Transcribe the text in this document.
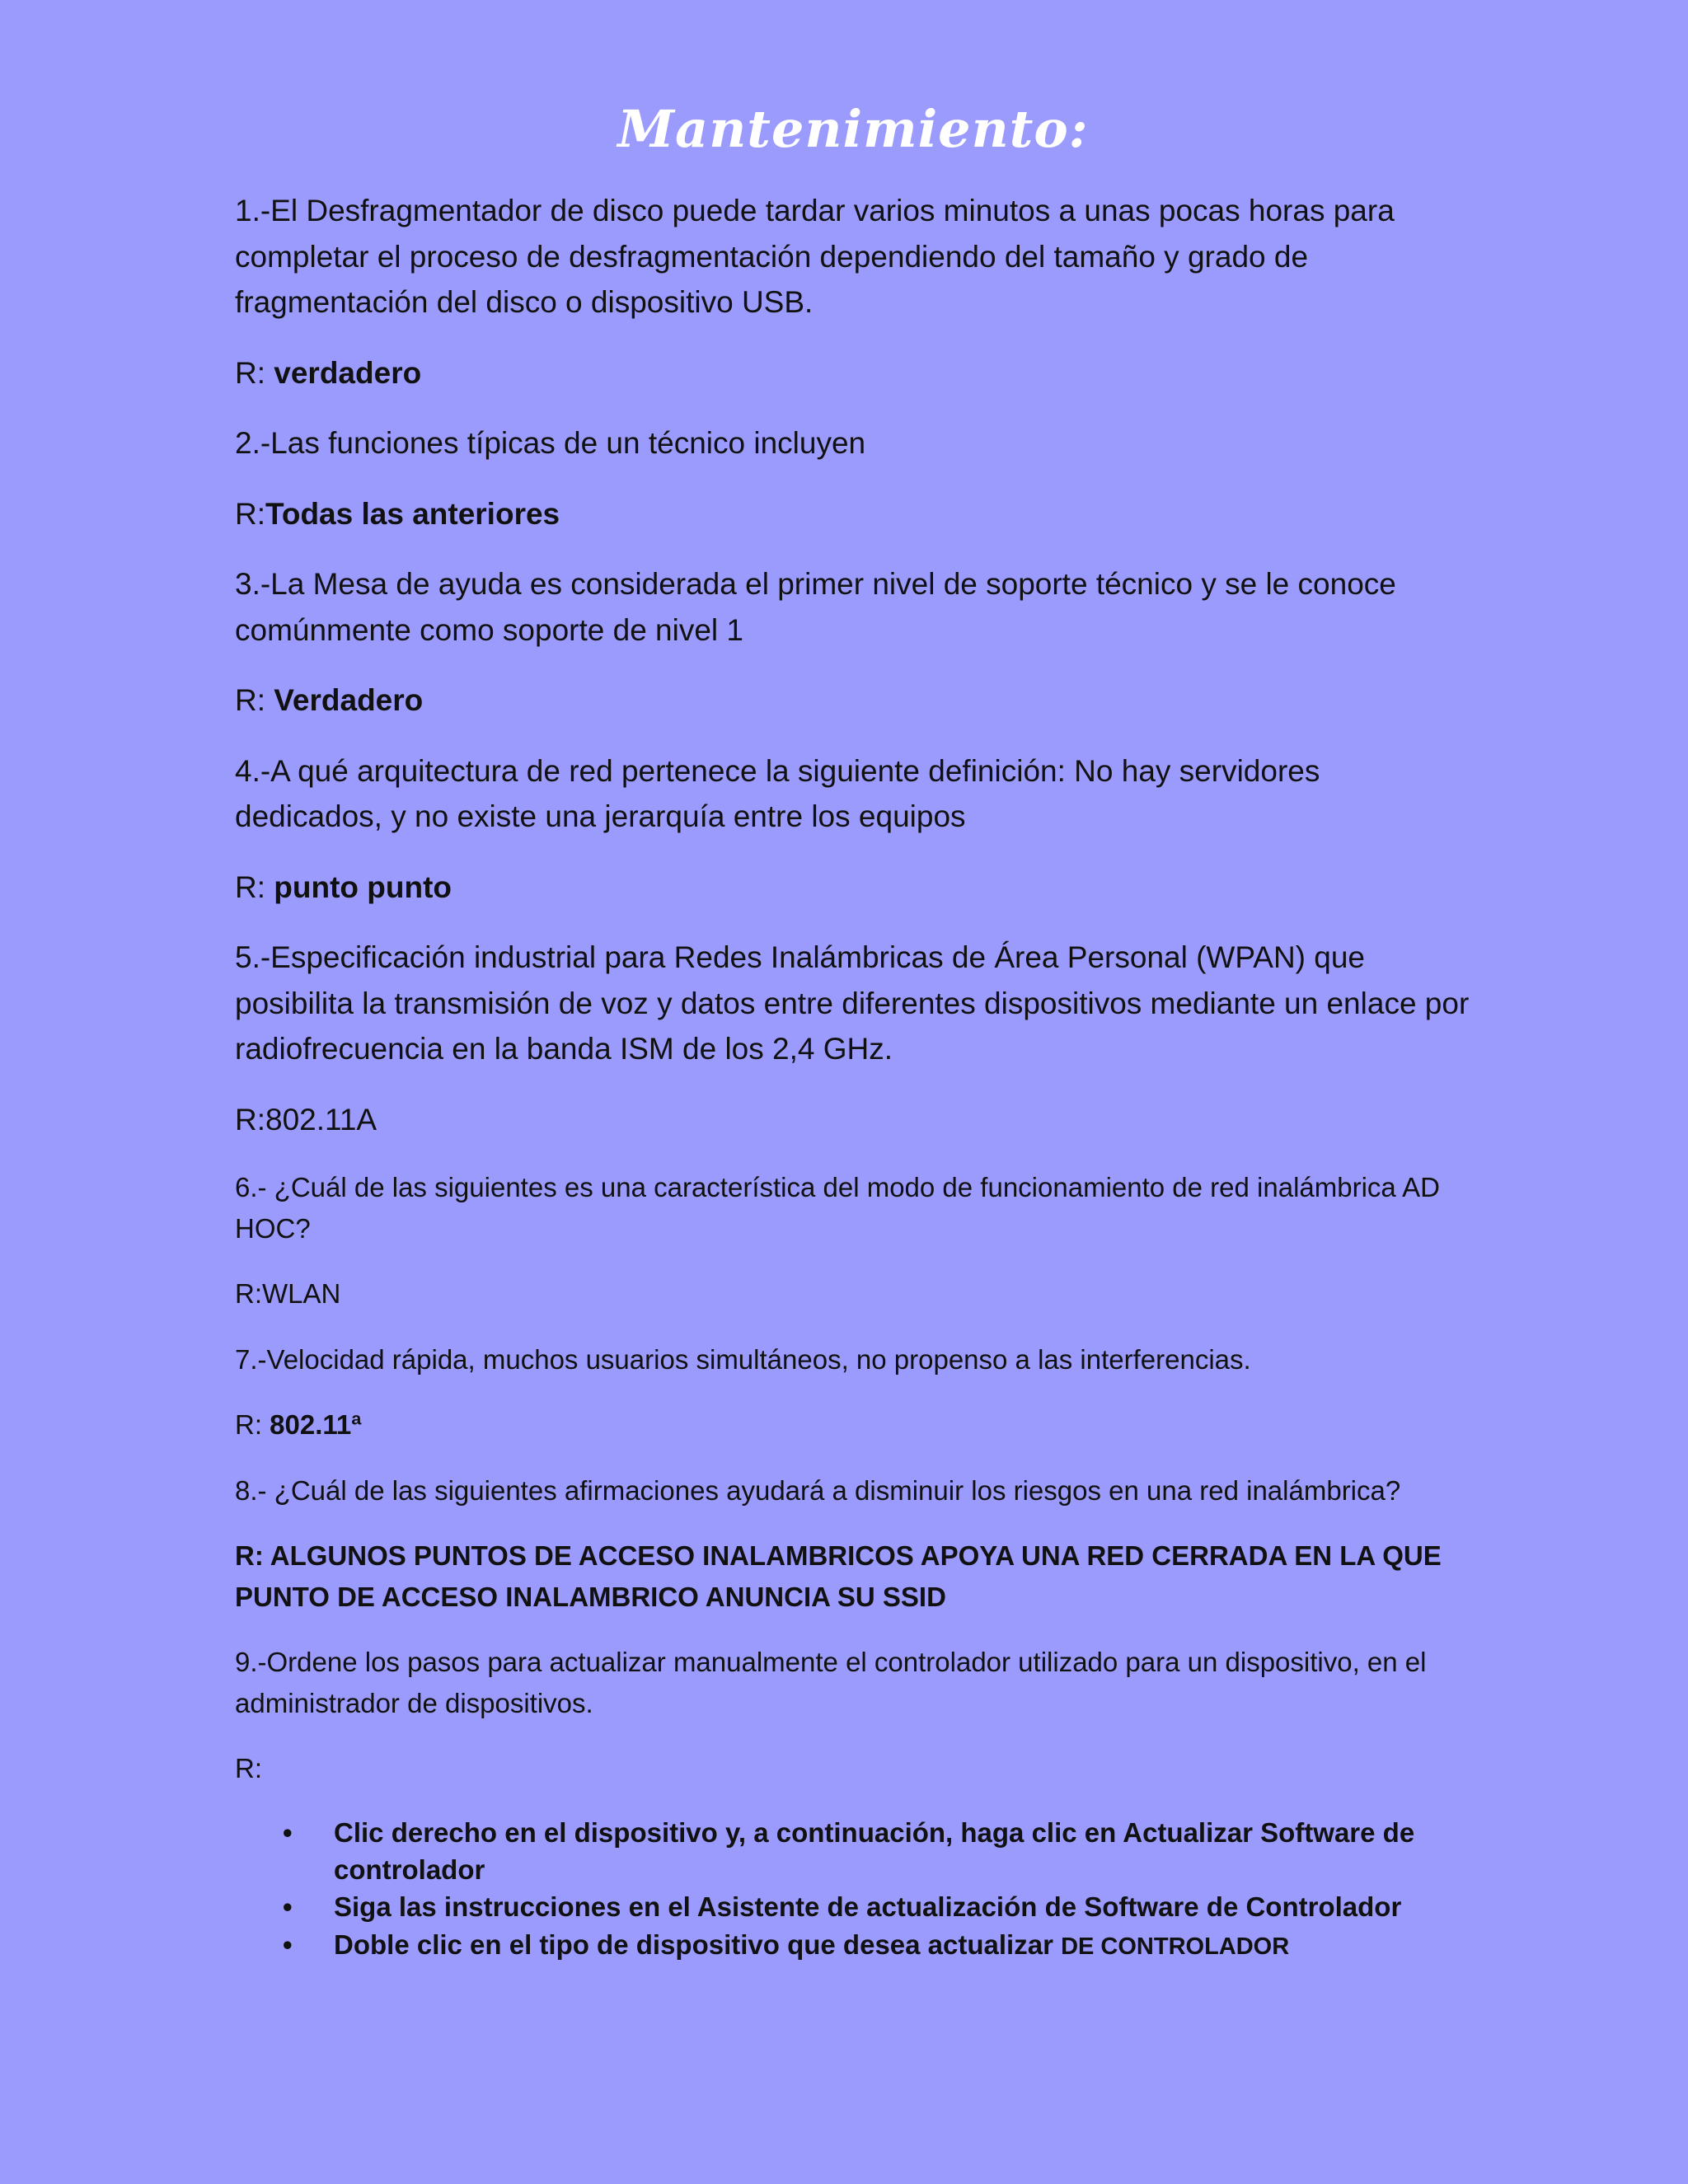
Mantenimiento:

1.-El Desfragmentador de disco puede tardar varios minutos a unas pocas horas para completar el proceso de desfragmentación dependiendo del tamaño y grado de fragmentación del disco o dispositivo USB.

R: verdadero

2.-Las funciones típicas de un técnico incluyen

R:Todas las anteriores

3.-La Mesa de ayuda es considerada el primer nivel de soporte técnico y se le conoce comúnmente como soporte de nivel 1

R: Verdadero

4.-A qué arquitectura de red pertenece la siguiente definición: No hay servidores dedicados, y no existe una jerarquía entre los equipos

R: punto punto

5.-Especificación industrial para Redes Inalámbricas de Área Personal (WPAN) que posibilita la transmisión de voz y datos entre diferentes dispositivos mediante un enlace por radiofrecuencia en la banda ISM de los 2,4 GHz.

R:802.11A

6.- ¿Cuál de las siguientes es una característica del modo de funcionamiento de red inalámbrica AD HOC?

R:WLAN

7.-Velocidad rápida, muchos usuarios simultáneos, no propenso a las interferencias.

R: 802.11ª

8.- ¿Cuál de las siguientes afirmaciones ayudará a disminuir los riesgos en una red inalámbrica?

R: ALGUNOS PUNTOS DE ACCESO INALAMBRICOS APOYA UNA RED CERRADA EN LA QUE PUNTO DE ACCESO INALAMBRICO ANUNCIA SU SSID

9.-Ordene los pasos para actualizar manualmente el controlador utilizado para un dispositivo, en el administrador de dispositivos.

R:

• Clic derecho en el dispositivo y, a continuación, haga clic en Actualizar Software de controlador
• Siga las instrucciones en el Asistente de actualización de Software de Controlador
• Doble clic en el tipo de dispositivo que desea actualizar DE CONTROLADOR
